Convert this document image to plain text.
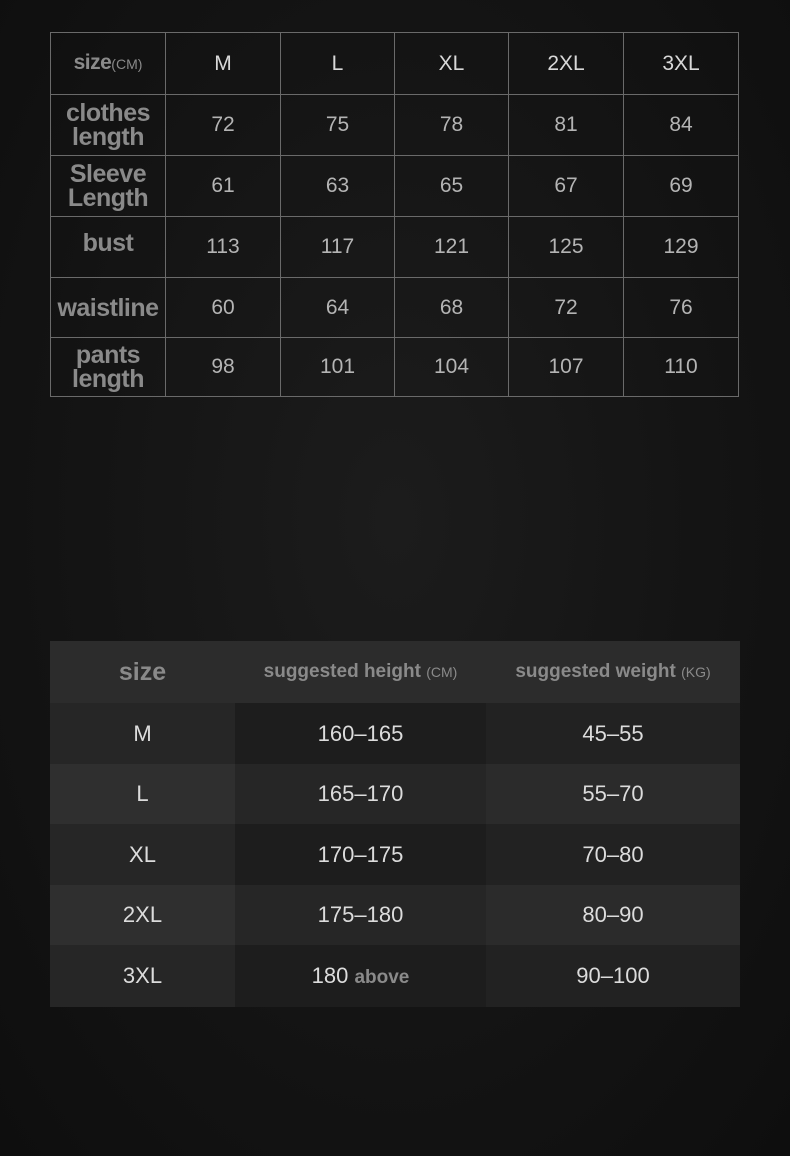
size(CM)	M	L	XL	2XL	3XL

clothes
length	72	75	78	81	84

Sleeve
Length	61	63	65	67	69

bust	113	117	121	125	129

waistline	60	64	68	72	76

pants
length	98	101	104	107	110
size	suggested height (CM)	suggested weight (KG)
M	160–165	45–55
L	165–170	55–70
XL	170–175	70–80
2XL	175–180	80–90
3XL	180 above	90–100
